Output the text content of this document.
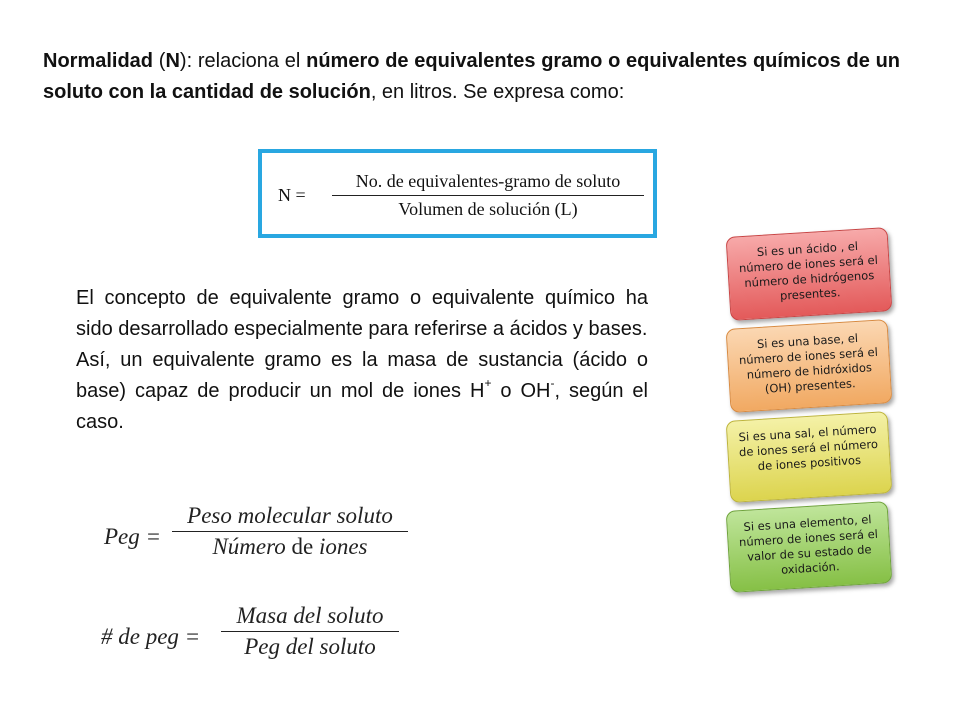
Normalidad (N): relaciona el número de equivalentes gramo o equivalentes químicos de un soluto con la cantidad de solución, en litros. Se expresa como:
N =
No. de equivalentes-gramo de soluto
Volumen de solución (L)

El concepto de equivalente gramo o equivalente químico ha sido desarrollado especialmente para referirse a ácidos y bases.

Así, un equivalente gramo es la masa de sustancia (ácido o base) capaz de producir un mol de iones H+ o OH-, según el caso.

Peg =
Peso molecular soluto
Número de iones
# de peg =
Masa del soluto
Peg del soluto
Si es un ácido , el número de iones será el número de hidrógenos presentes.
Si es una base, el número de iones será el número de hidróxidos (OH) presentes.
Si es una sal, el número de iones será el número de iones positivos
Si es una elemento, el número de iones será el valor de su estado de oxidación.
